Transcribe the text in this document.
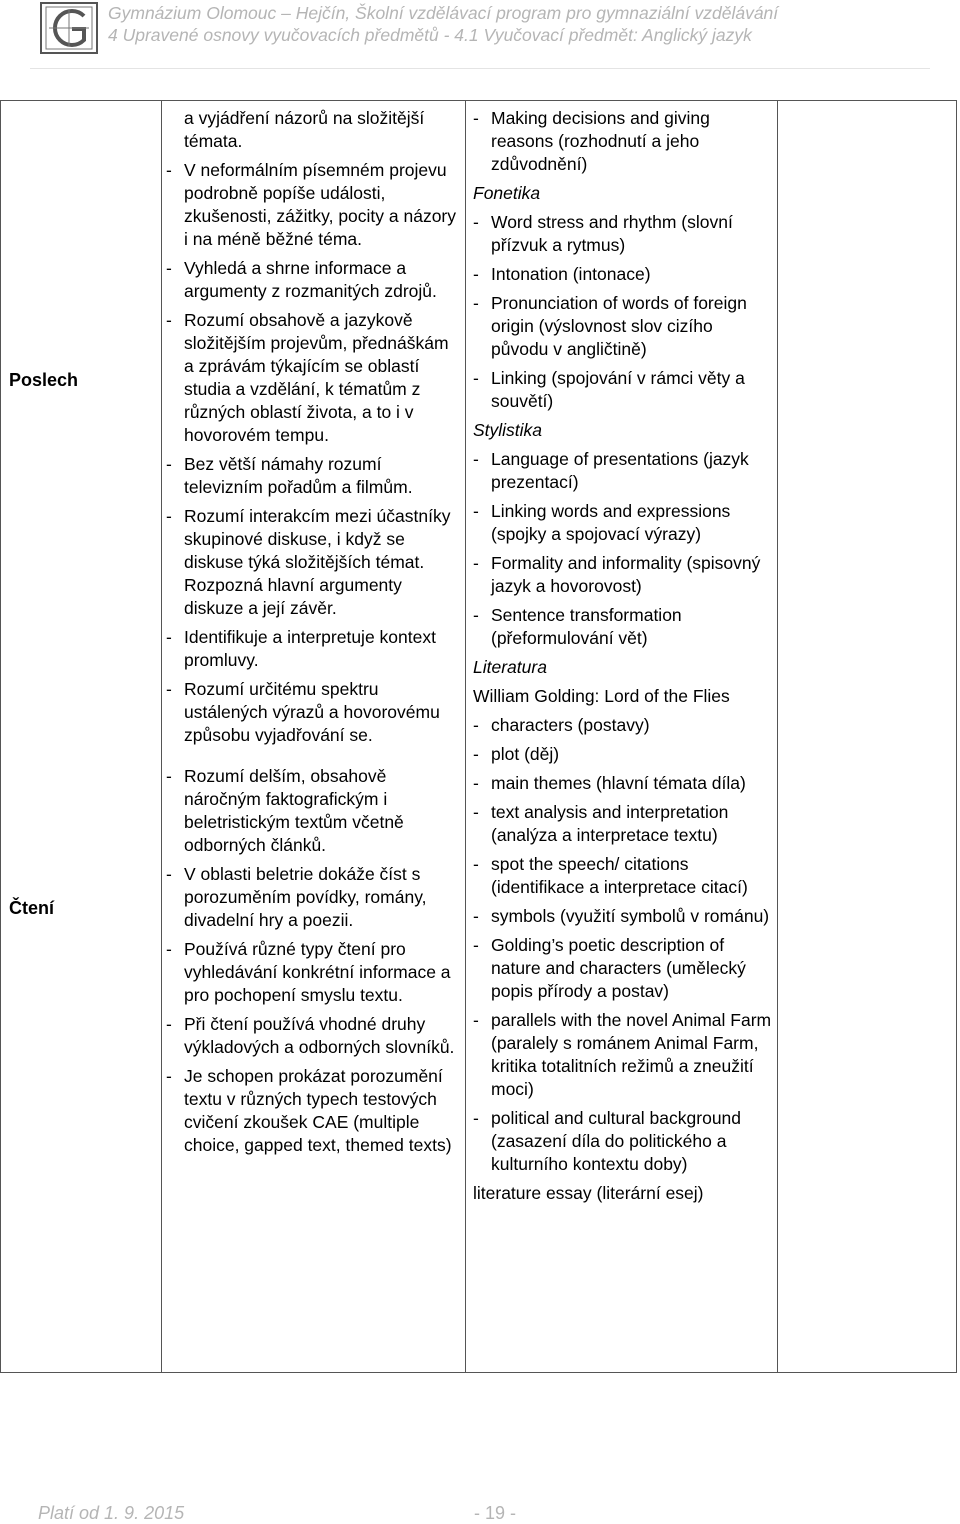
Gymnázium Olomouc – Hejčín, Školní vzdělávací program pro gymnaziální vzdělávání
4 Upravené osnovy vyučovacích předmětů - 4.1 Vyučovací předmět: Anglický jazyk
Poslech
Čtení
a vyjádření názorů na složitější témata.
- V neformálním písemném projevu podrobně popíše události, zkušenosti, zážitky, pocity a názory i na méně běžné téma.
- Vyhledá a shrne informace a argumenty z rozmanitých zdrojů.
- Rozumí obsahově a jazykově složitějším projevům, přednáškám a zprávám týkajícím se oblastí studia a vzdělání, k tématům z různých oblastí života, a to i v hovorovém tempu.
- Bez větší námahy rozumí televizním pořadům a filmům.
- Rozumí interakcím mezi účastníky skupinové diskuse, i když se diskuse týká složitějších témat. Rozpozná hlavní argumenty diskuze a její závěr.
- Identifikuje a interpretuje kontext promluvy.
- Rozumí určitému spektru ustálených výrazů a hovorovému způsobu vyjadřování se.
- Rozumí delším, obsahově náročným faktografickým i beletristickým textům včetně odborných článků.
- V oblasti beletrie dokáže číst s porozuměním povídky, romány, divadelní hry a poezii.
- Používá různé typy čtení pro vyhledávání konkrétní informace a pro pochopení smyslu textu.
- Při čtení používá vhodné druhy výkladových a odborných slovníků.
- Je schopen prokázat porozumění textu v různých typech testových cvičení zkoušek CAE (multiple choice, gapped text, themed texts)
- Making decisions and giving reasons (rozhodnutí a jeho zdůvodnění)
Fonetika
- Word stress and rhythm (slovní přízvuk a rytmus)
- Intonation (intonace)
- Pronunciation of words of foreign origin (výslovnost slov cizího původu v angličtině)
- Linking (spojování v rámci věty a souvětí)
Stylistika
- Language of presentations (jazyk prezentací)
- Linking words and expressions (spojky a spojovací výrazy)
- Formality and informality (spisovný jazyk a hovorovost)
- Sentence transformation (přeformulování vět)
Literatura
William Golding: Lord of the Flies
- characters (postavy)
- plot (děj)
- main themes (hlavní témata díla)
- text analysis and interpretation (analýza a interpretace textu)
- spot the speech/ citations (identifikace a interpretace citací)
- symbols (využití symbolů v románu)
- Golding’s poetic description of nature and characters (umělecký popis přírody a postav)
- parallels with the novel Animal Farm (paralely s románem Animal Farm, kritika totalitních režimů a zneužití moci)
- political and cultural background (zasazení díla do politického a kulturního kontextu doby)
literature essay (literární esej)
Platí od 1. 9. 2015	- 19 -
